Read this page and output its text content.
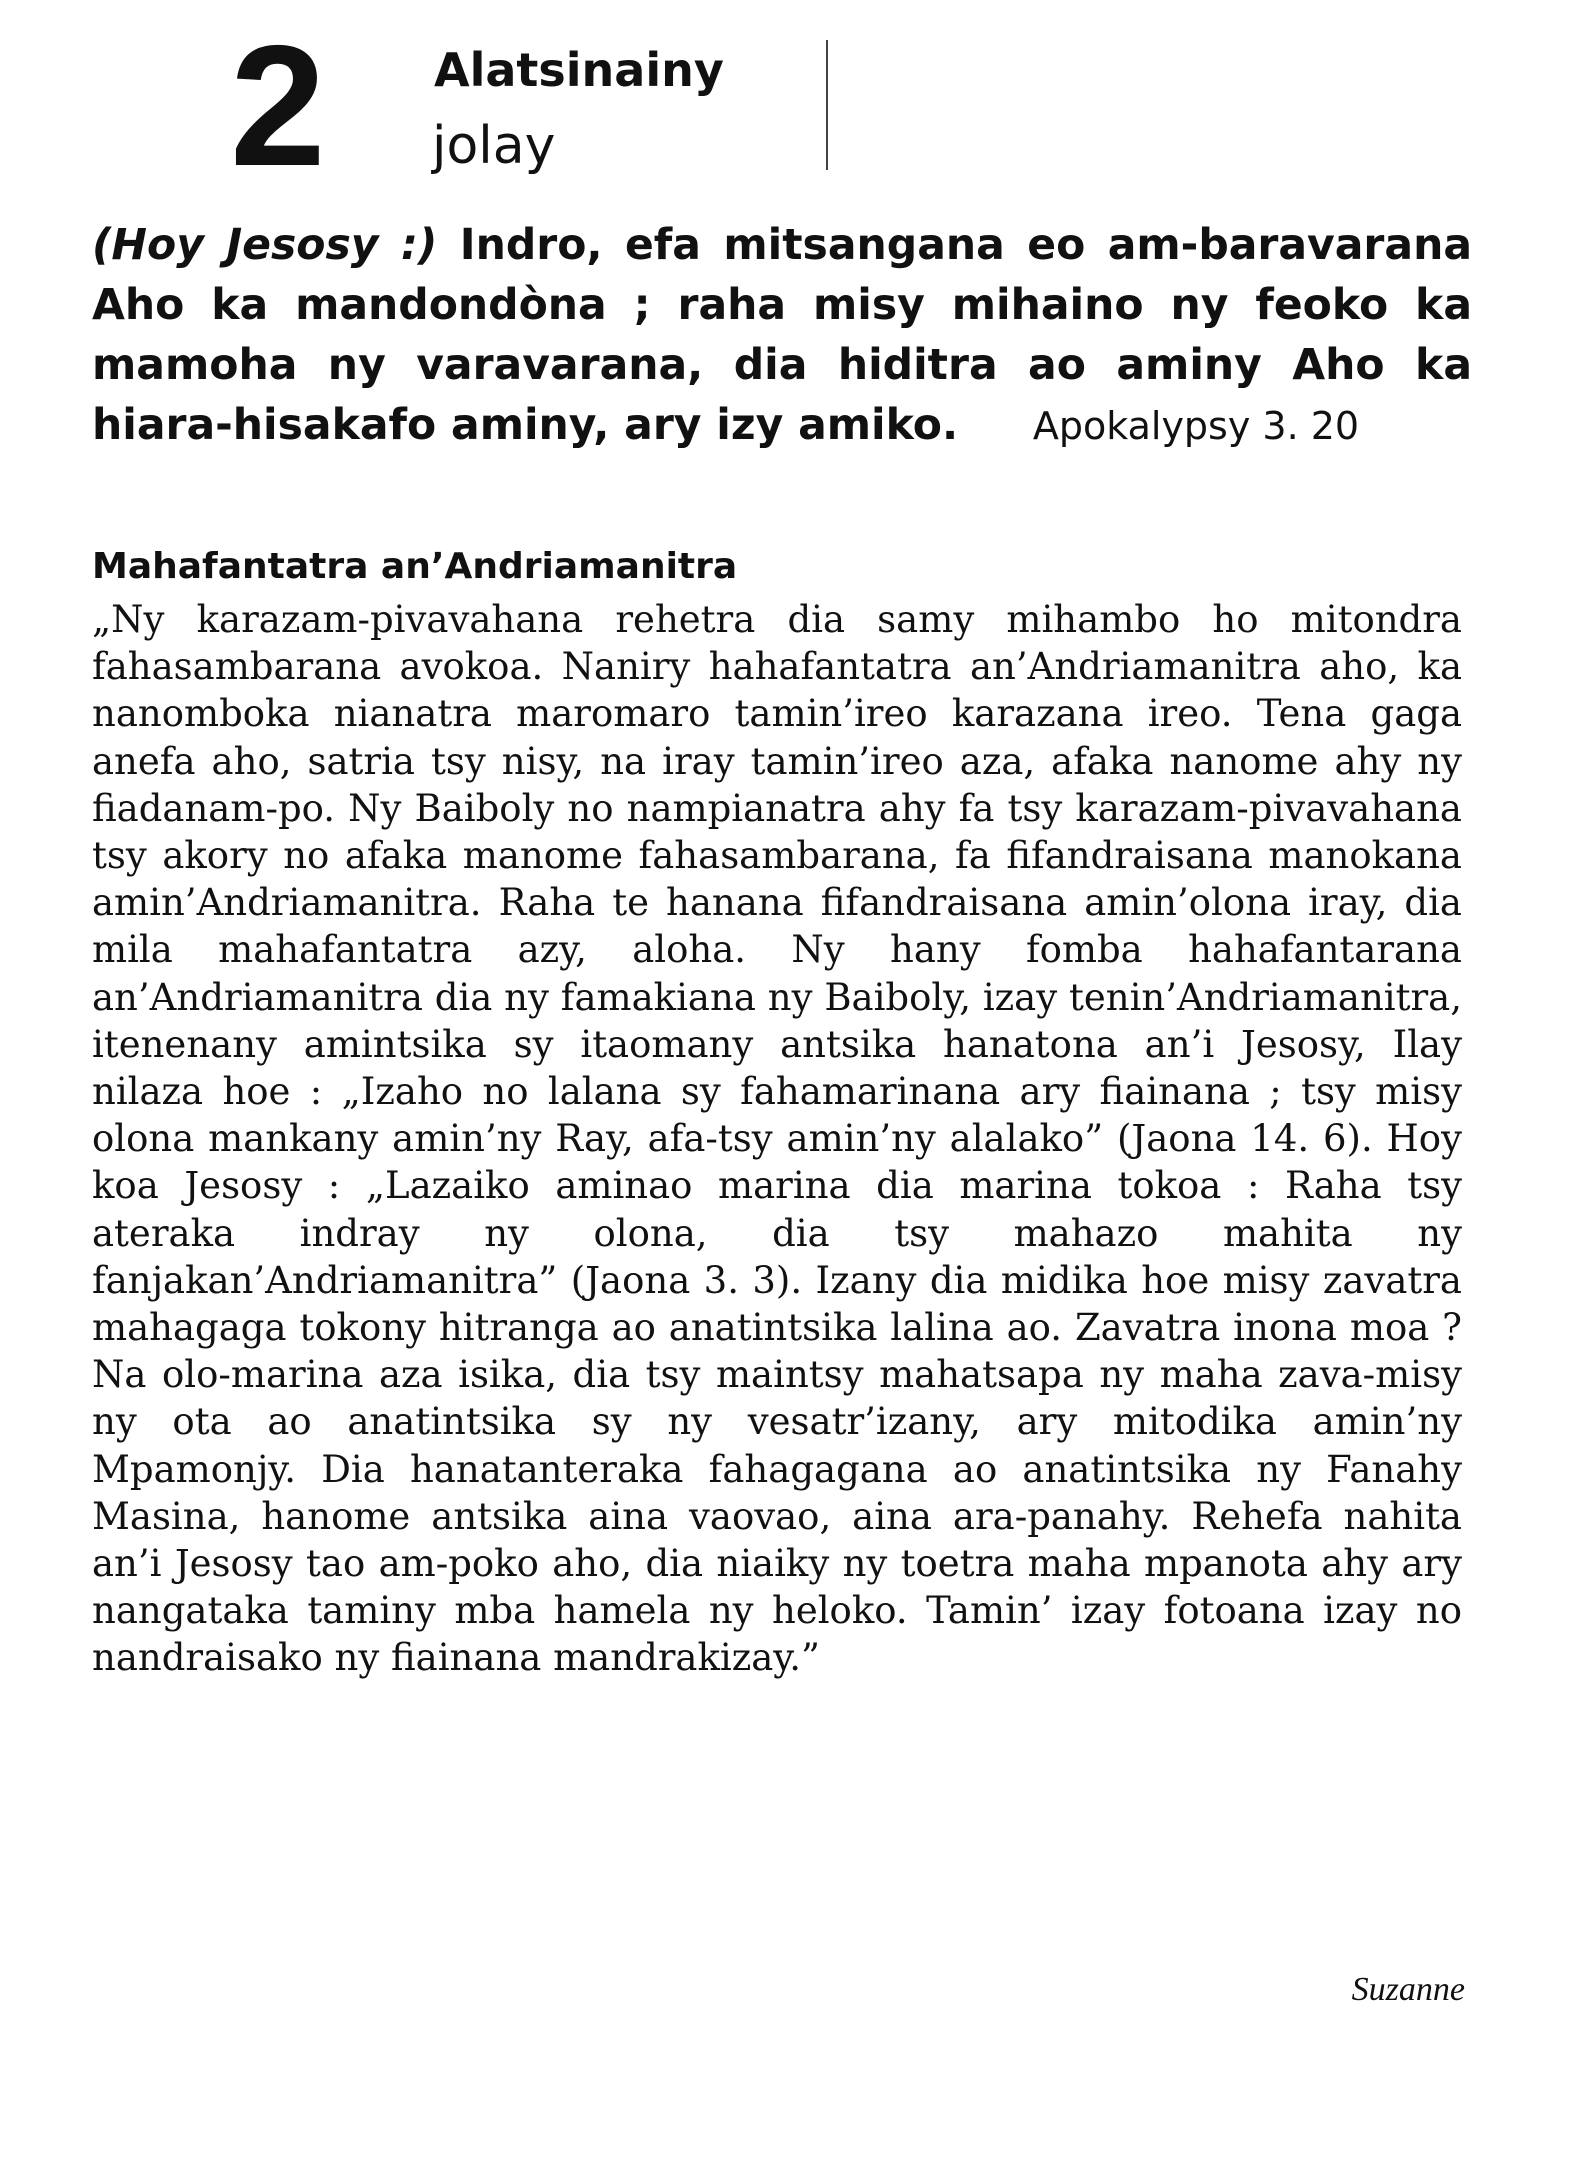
2 Alatsinainy
jolay
(Hoy Jesosy :) Indro, efa mitsangana eo am-baravarana Aho ka mandondòna ; raha misy mihaino ny feoko ka mamoha ny varavarana, dia hiditra ao aminy Aho ka hiara-hisakafo aminy, ary izy amiko. Apokalypsy 3. 20
Mahafantatra an’Andriamanitra
„Ny karazam-pivavahana rehetra dia samy mihambo ho mitondra fahasambarana avokoa. Naniry hahafantatra an’Andriamanitra aho, ka nanomboka nianatra maromaro tamin’ireo karazana ireo. Tena gaga anefa aho, satria tsy nisy, na iray tamin’ireo aza, afaka nanome ahy ny fiadanam-po. Ny Baiboly no nampianatra ahy fa tsy karazam-pivavahana tsy akory no afaka manome fahasambarana, fa fifandraisana manokana amin’Andriamanitra. Raha te hanana fifandraisana amin’olona iray, dia mila mahafantatra azy, aloha. Ny hany fomba hahafantarana an’Andriamanitra dia ny famakiana ny Baiboly, izay tenin’Andriamanitra, itenenany amintsika sy itaomany antsika hanatona an’i Jesosy, Ilay nilaza hoe : „Izaho no lalana sy fahamarinana ary fiainana ; tsy misy olona mankany amin’ny Ray, afa-tsy amin’ny alalako” (Jaona 14. 6). Hoy koa Jesosy : „Lazaiko aminao marina dia marina tokoa : Raha tsy ateraka indray ny olona, dia tsy mahazo mahita ny fanjakan’Andriamanitra” (Jaona 3. 3). Izany dia midika hoe misy zavatra mahagaga tokony hitranga ao anatintsika lalina ao. Zavatra inona moa ? Na olo-marina aza isika, dia tsy maintsy mahatsapa ny maha zava-misy ny ota ao anatintsika sy ny vesatr’izany, ary mitodika amin’ny Mpamonjy. Dia hanatanteraka fahagagana ao anatintsika ny Fanahy Masina, hanome antsika aina vaovao, aina ara-panahy. Rehefa nahita an’i Jesosy tao am-poko aho, dia niaiky ny toetra maha mpanota ahy ary nangataka taminy mba hamela ny heloko. Tamin’ izay fotoana izay no nandraisako ny fiainana mandrakizay.”
Suzanne
